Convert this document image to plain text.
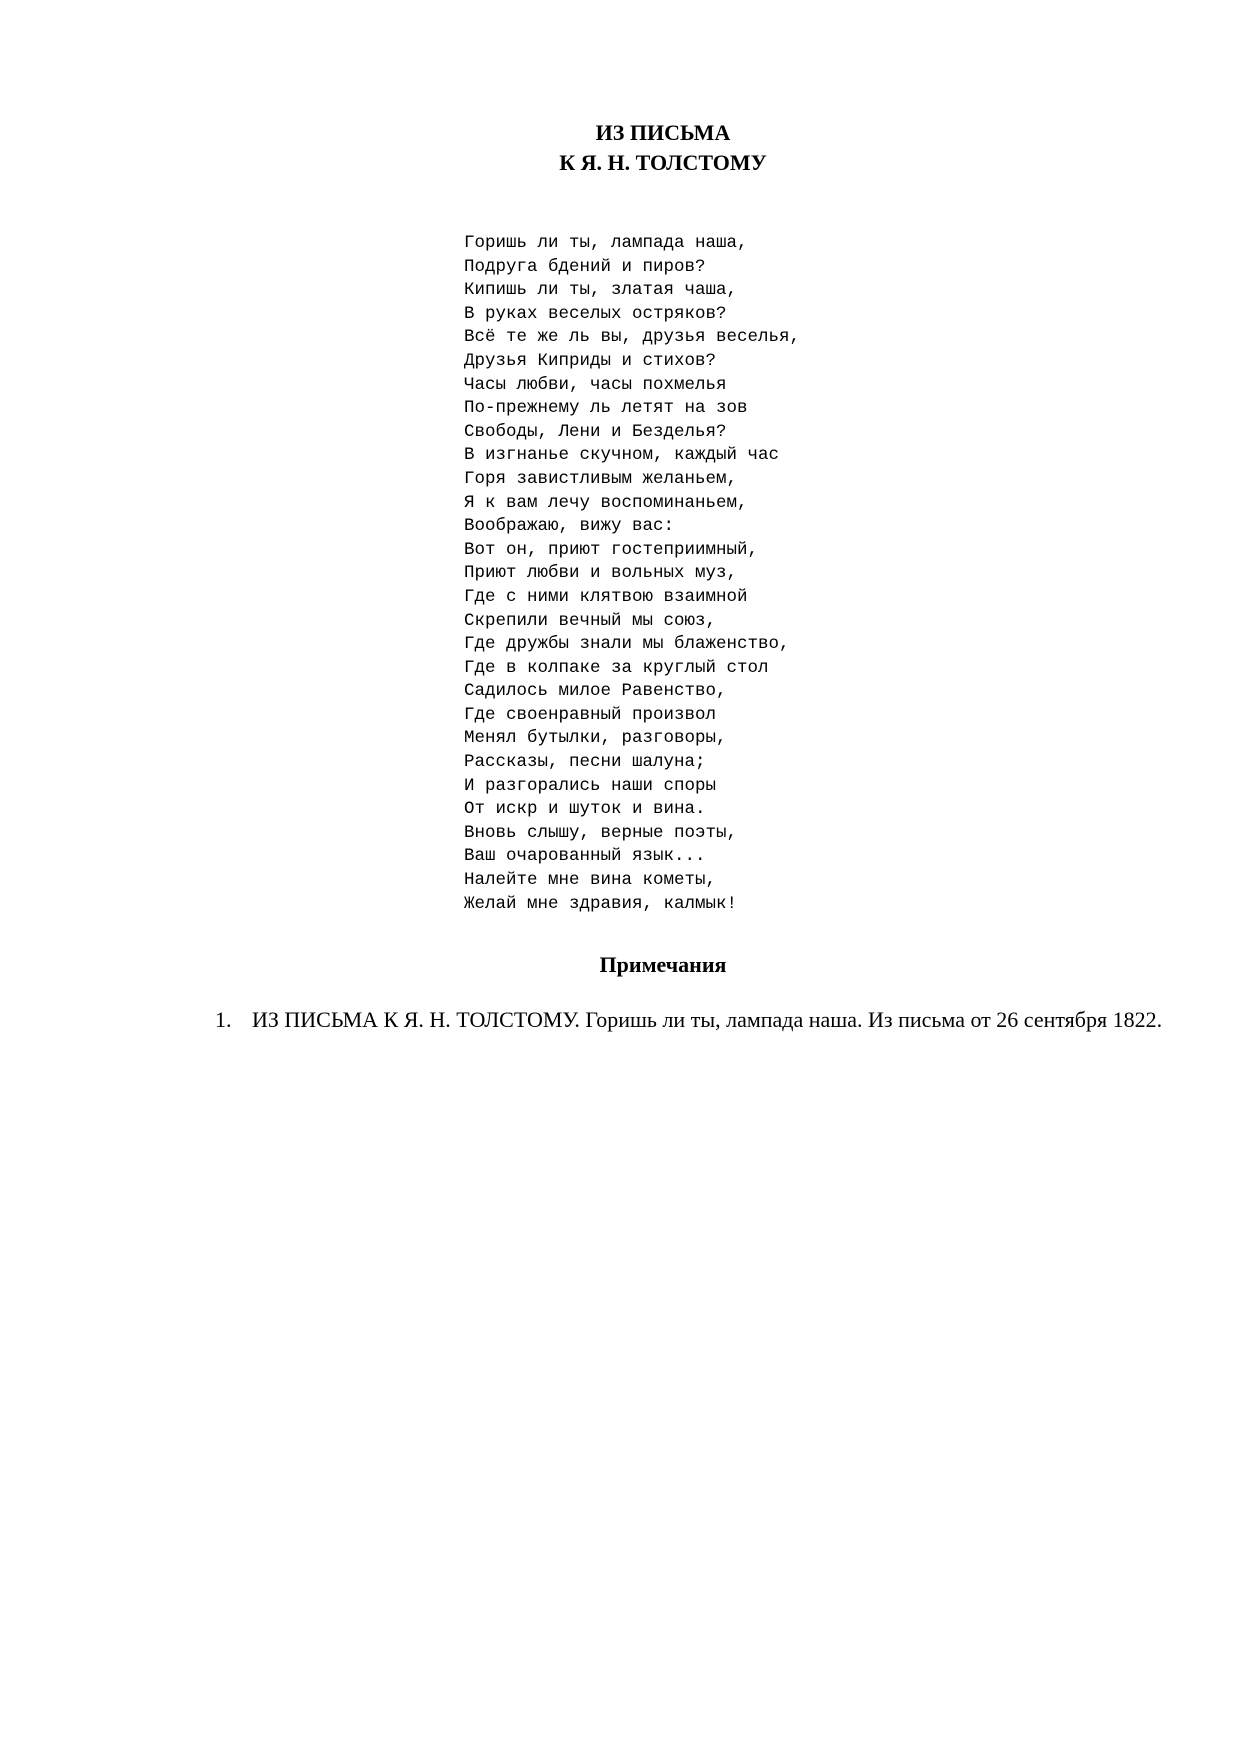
ИЗ ПИСЬМА
К Я. Н. ТОЛСТОМУ
Горишь ли ты, лампада наша,
Подруга бдений и пиров?
Кипишь ли ты, златая чаша,
В руках веселых остряков?
Всё те же ль вы, друзья веселья,
Друзья Киприды и стихов?
Часы любви, часы похмелья
По-прежнему ль летят на зов
Свободы, Лени и Безделья?
В изгнанье скучном, каждый час
Горя завистливым желаньем,
Я к вам лечу воспоминаньем,
Воображаю, вижу вас:
Вот он, приют гостеприимный,
Приют любви и вольных муз,
Где с ними клятвою взаимной
Скрепили вечный мы союз,
Где дружбы знали мы блаженство,
Где в колпаке за круглый стол
Садилось милое Равенство,
Где своенравный произвол
Менял бутылки, разговоры,
Рассказы, песни шалуна;
И разгорались наши споры
От искр и шуток и вина.
Вновь слышу, верные поэты,
Ваш очарованный язык...
Налейте мне вина кометы,
Желай мне здравия, калмык!
Примечания
1. ИЗ ПИСЬМА К Я. Н. ТОЛСТОМУ. Горишь ли ты, лампада наша. Из письма от 26 сентября 1822.
